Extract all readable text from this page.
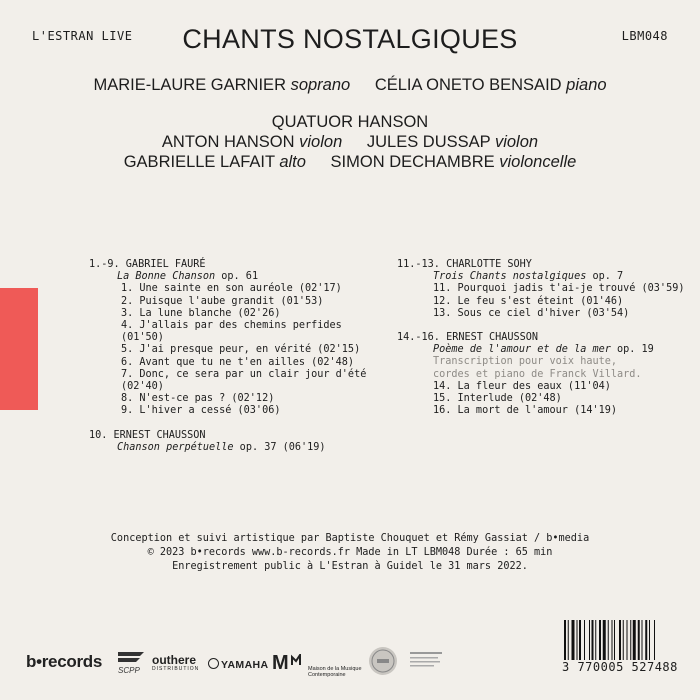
L'ESTRAN LIVE	LBM048
CHANTS NOSTALGIQUES
MARIE-LAURE GARNIER soprano CÉLIA ONETO BENSAID piano
QUATUOR HANSON
ANTON HANSON violon JULES DUSSAP violon
GABRIELLE LAFAIT alto SIMON DECHAMBRE violoncelle
1.-9. GABRIEL FAURÉ
La Bonne Chanson op. 61
1. Une sainte en son auréole (02'17)
2. Puisque l'aube grandit (01'53)
3. La lune blanche (02'26)
4. J'allais par des chemins perfides (01'50)
5. J'ai presque peur, en vérité (02'15)
6. Avant que tu ne t'en ailles (02'48)
7. Donc, ce sera par un clair jour d'été (02'40)
8. N'est-ce pas ? (02'12)
9. L'hiver a cessé (03'06)
10. ERNEST CHAUSSON
Chanson perpétuelle op. 37 (06'19)
11.-13. CHARLOTTE SOHY
Trois Chants nostalgiques op. 7
11. Pourquoi jadis t'ai-je trouvé (03'59)
12. Le feu s'est éteint (01'46)
13. Sous ce ciel d'hiver (03'54)
14.-16. ERNEST CHAUSSON
Poème de l'amour et de la mer op. 19
Transcription pour voix haute,
cordes et piano de Franck Villard.
14. La fleur des eaux (11'04)
15. Interlude (02'48)
16. La mort de l'amour (14'19)
Conception et suivi artistique par Baptiste Chouquet et Rémy Gassiat / b•media
© 2023 b•records www.b-records.fr Made in LT LBM048 Durée : 65 min
Enregistrement public à L'Estran à Guidel le 31 mars 2022.
b•records SCPP
outhere
DISTRIBUTION	YAMAHA M	Maison de la Musique
Contemporaine
3 770005 527488
